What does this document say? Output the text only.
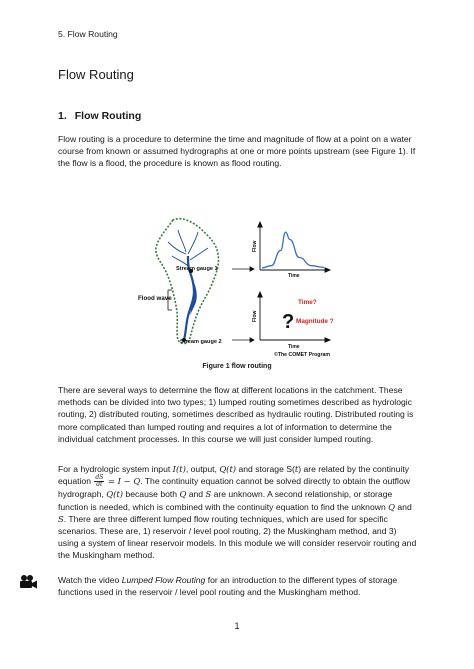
5. Flow Routing
Flow Routing
1. Flow Routing

Flow routing is a procedure to determine the time and magnitude of flow at a point on a water course from known or assumed hydrographs at one or more points upstream (see Figure 1). If the flow is a flood, the procedure is known as flood routing.

Stream gauge 1
Stream gauge 2
Flood wave
Flow
Time
Flow
Time
Time?
? Magnitude ?
©The COMET Program
Figure 1 flow routing

There are several ways to determine the flow at different locations in the catchment. These methods can be divided into two types; 1) lumped routing sometimes described as hydrologic routing, 2) distributed routing, sometimes described as hydraulic routing. Distributed routing is more complicated than lumped routing and requires a lot of information to determine the individual catchment processes. In this course we will just consider lumped routing.

For a hydrologic system input I(t), output, Q(t) and storage S(t) are related by the continuity equation $\frac{dS}{dt} = I - Q$. The continuity equation cannot be solved directly to obtain the outflow hydrograph, Q(t) because both Q and S are unknown. A second relationship, or storage function is needed, which is combined with the continuity equation to find the unknown Q and S. There are three different lumped flow routing techniques, which are used for specific scenarios. These are, 1) reservoir / level pool routing, 2) the Muskingham method, and 3) using a system of linear reservoir models. In this module we will consider reservoir routing and the Muskingham method.

Watch the video Lumped Flow Routing for an introduction to the different types of storage functions used in the reservoir / level pool routing and the Muskingham method.

1
